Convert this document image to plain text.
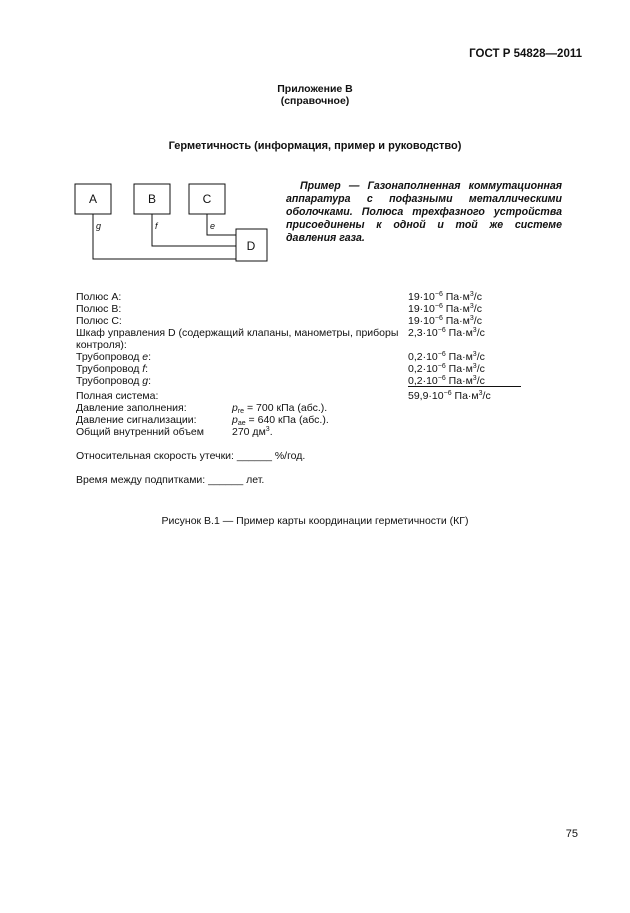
ГОСТ Р 54828—2011
Приложение В
(справочное)
Герметичность (информация, пример и руководство)
A	B	C
D
g	f	e
Пример — Газонаполненная коммутационная аппаратура с пофазными металлическими оболочками. Полюса трехфазного устройства присоединены к одной и той же системе давления газа.
Полюс А:	$19\cdot 10^{-6}$ $Па\cdot м^3/с$
Полюс В:	$19\cdot 10^{-6}$ $Па\cdot м^3/с$
Полюс С:	$19\cdot 10^{-6}$ $Па\cdot м^3/с$
Шкаф управления D (содержащий клапаны, манометры, приборы
контроля):
$2,3\cdot 10^{-6}$ $Па\cdot м^3/с$
Трубопровод e:	$0,2\cdot 10^{-6}$ $Па\cdot м^3/с$
Трубопровод f:	$0,2\cdot 10^{-6}$ $Па\cdot м^3/с$
Трубопровод g:	$0,2\cdot 10^{-6}$ $Па\cdot м^3/с$
Полная система:	$59,9\cdot 10^{-6}$ $Па\cdot м^3/с$
Давление заполнения:	$p_{re} = 700$ кПа (абс.).
Давление сигнализации:	$p_{ae} = 640$ кПа (абс.).
Общий внутренний объем	270 $дм^3$.
Относительная скорость утечки: ______ %/год.
Время между подпитками: ______ лет.
Рисунок В.1 — Пример карты координации герметичности (КГ)
75
